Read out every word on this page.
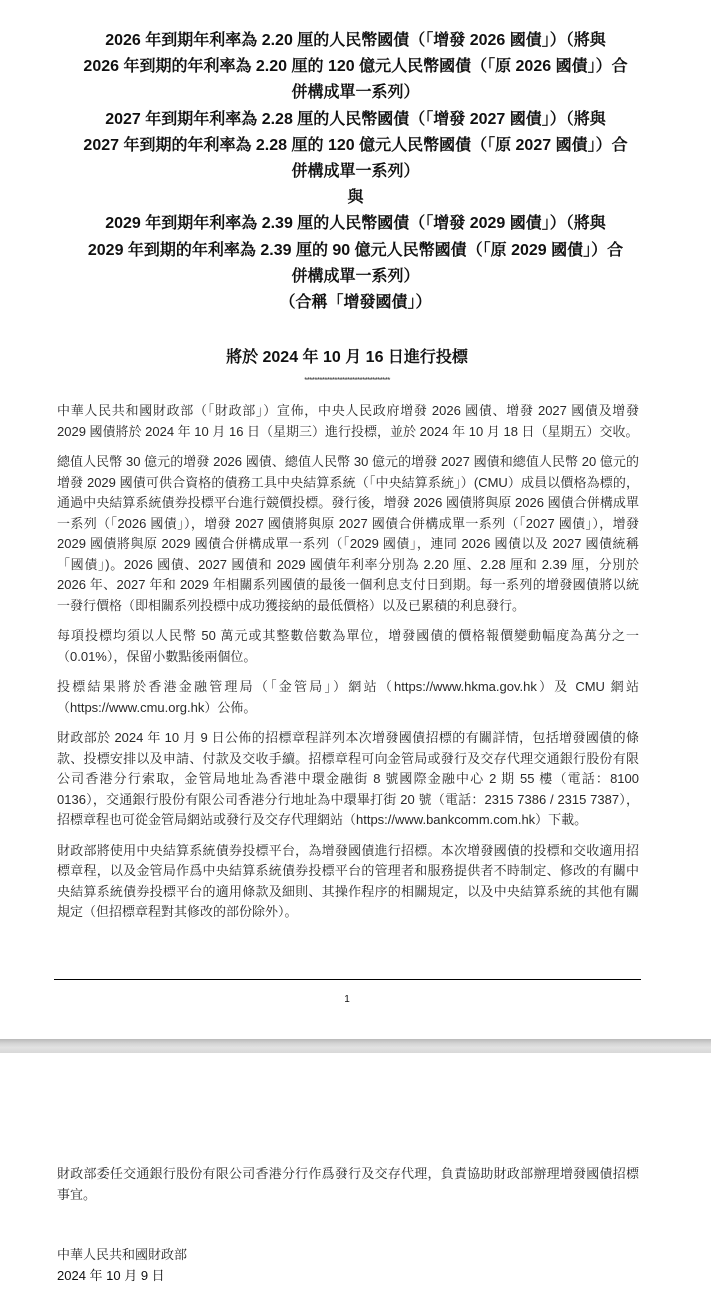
2026 年到期年利率為 2.20 厘的人民幣國債（「增發 2026 國債」）（將與
2026 年到期的年利率為 2.20 厘的 120 億元人民幣國債（「原 2026 國債」）合
併構成單一系列）
2027 年到期年利率為 2.28 厘的人民幣國債（「增發 2027 國債」）（將與
2027 年到期的年利率為 2.28 厘的 120 億元人民幣國債（「原 2027 國債」）合
併構成單一系列）
與
2029 年到期年利率為 2.39 厘的人民幣國債（「增發 2029 國債」）（將與
2029 年到期的年利率為 2.39 厘的 90 億元人民幣國債（「原 2029 國債」）合
併構成單一系列）
（合稱「增發國債」）
將於 2024 年 10 月 16 日進行投標
**********************************

中華人民共和國財政部（「財政部」）宣佈，中央人民政府增發 2026 國債、增發 2027 國債及增發 2029 國債將於 2024 年 10 月 16 日（星期三）進行投標，並於 2024 年 10 月 18 日（星期五）交收。

總值人民幣 30 億元的增發 2026 國債、總值人民幣 30 億元的增發 2027 國債和總值人民幣 20 億元的增發 2029 國債可供合資格的債務工具中央結算系統（「中央結算系統」）(CMU）成員以價格為標的，通過中央結算系統債券投標平台進行競價投標。發行後，增發 2026 國債將與原 2026 國債合併構成單一系列（「2026 國債」），增發 2027 國債將與原 2027 國債合併構成單一系列（「2027 國債」），增發 2029 國債將與原 2029 國債合併構成單一系列（「2029 國債」，連同 2026 國債以及 2027 國債統稱「國債」)。2026 國債、2027 國債和 2029 國債年利率分別為 2.20 厘、2.28 厘和 2.39 厘，分別於 2026 年、2027 年和 2029 年相關系列國債的最後一個利息支付日到期。每一系列的增發國債將以統一發行價格（即相關系列投標中成功獲接納的最低價格）以及已累積的利息發行。

每項投標均須以人民幣 50 萬元或其整數倍數為單位，增發國債的價格報價變動幅度為萬分之一（0.01%），保留小數點後兩個位。

投標結果將於香港金融管理局（「金管局」）網站（https://www.hkma.gov.hk）及 CMU 網站（https://www.cmu.org.hk）公佈。

財政部於 2024 年 10 月 9 日公佈的招標章程詳列本次增發國債招標的有關詳情，包括增發國債的條款、投標安排以及申請、付款及交收手續。招標章程可向金管局或發行及交存代理交通銀行股份有限公司香港分行索取，金管局地址為香港中環金融街 8 號國際金融中心 2 期 55 樓（電話：8100 0136），交通銀行股份有限公司香港分行地址為中環畢打街 20 號（電話：2315 7386 / 2315 7387），招標章程也可從金管局網站或發行及交存代理網站（https://www.bankcomm.com.hk）下載。

財政部將使用中央結算系統債券投標平台，為增發國債進行招標。本次增發國債的投標和交收適用招標章程，以及金管局作爲中央結算系統債券投標平台的管理者和服務提供者不時制定、修改的有關中央結算系統債券投標平台的適用條款及細則、其操作程序的相關規定，以及中央結算系統的其他有關規定（但招標章程對其修改的部份除外）。

1

財政部委任交通銀行股份有限公司香港分行作爲發行及交存代理，負責協助財政部辦理增發國債招標事宜。

中華人民共和國財政部
2024 年 10 月 9 日
